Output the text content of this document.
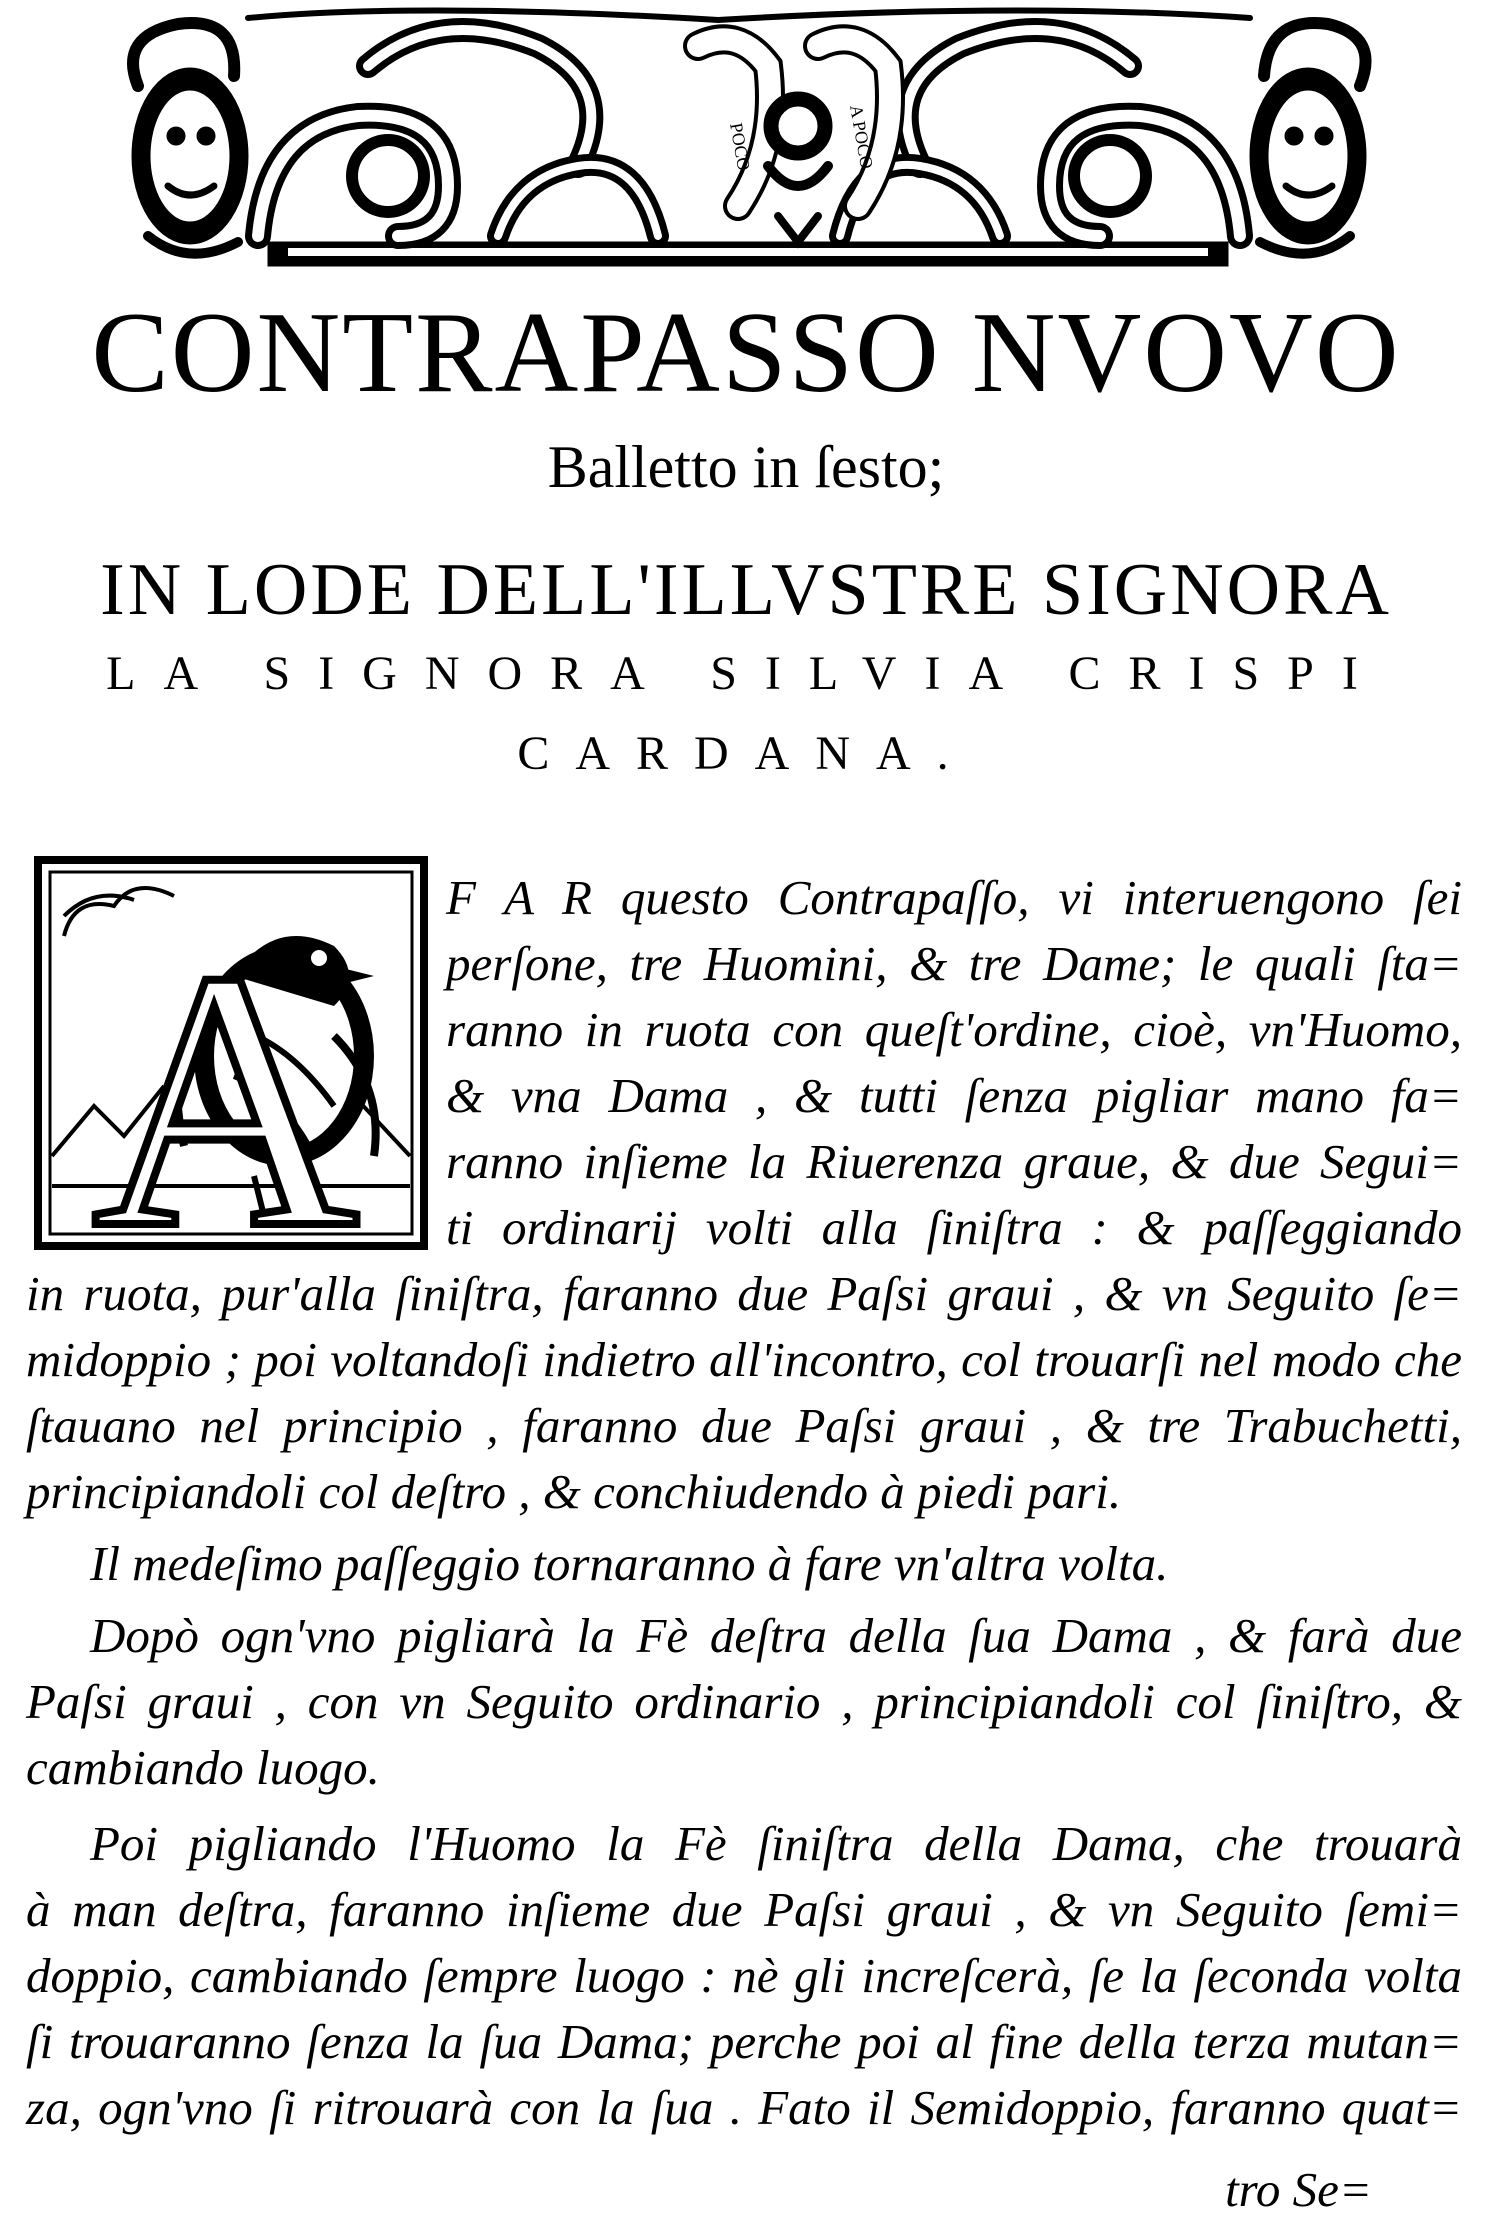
POCO	A POCO
CONTRAPASSO NVOVO
Balletto in ſesto;
IN LODE DELL'ILLVSTRE SIGNORA
LA SIGNORA SILVIA CRISPI
CARDANA.
A F A R questo Contrapaſſo, vi interuengono ſei
perſone, tre Huomini, & tre Dame; le quali ſta=
ranno in ruota con queſt'ordine, cioè, vn'Huomo,
& vna Dama , & tutti ſenza pigliar mano fa=
ranno inſieme la Riuerenza graue, & due Segui=
ti ordinarij volti alla ſiniſtra : & paſſeggiando
in ruota, pur'alla ſiniſtra, faranno due Paſsi graui , & vn Seguito ſe=
midoppio ; poi voltandoſi indietro all'incontro, col trouarſi nel modo che
ſtauano nel principio , faranno due Paſsi graui , & tre Trabuchetti,
principiandoli col deſtro , & conchiudendo à piedi pari.
Il medeſimo paſſeggio tornaranno à fare vn'altra volta.
Dopò ogn'vno pigliarà la Fè deſtra della ſua Dama , & farà due
Paſsi graui , con vn Seguito ordinario , principiandoli col ſiniſtro, &
cambiando luogo.
Poi pigliando l'Huomo la Fè ſiniſtra della Dama, che trouarà
à man deſtra, faranno inſieme due Paſsi graui , & vn Seguito ſemi=
doppio, cambiando ſempre luogo : nè gli increſcerà, ſe la ſeconda volta
ſi trouaranno ſenza la ſua Dama; perche poi al fine della terza mutan=
za, ogn'vno ſi ritrouarà con la ſua . Fato il Semidoppio, faranno quat=
tro Se=
